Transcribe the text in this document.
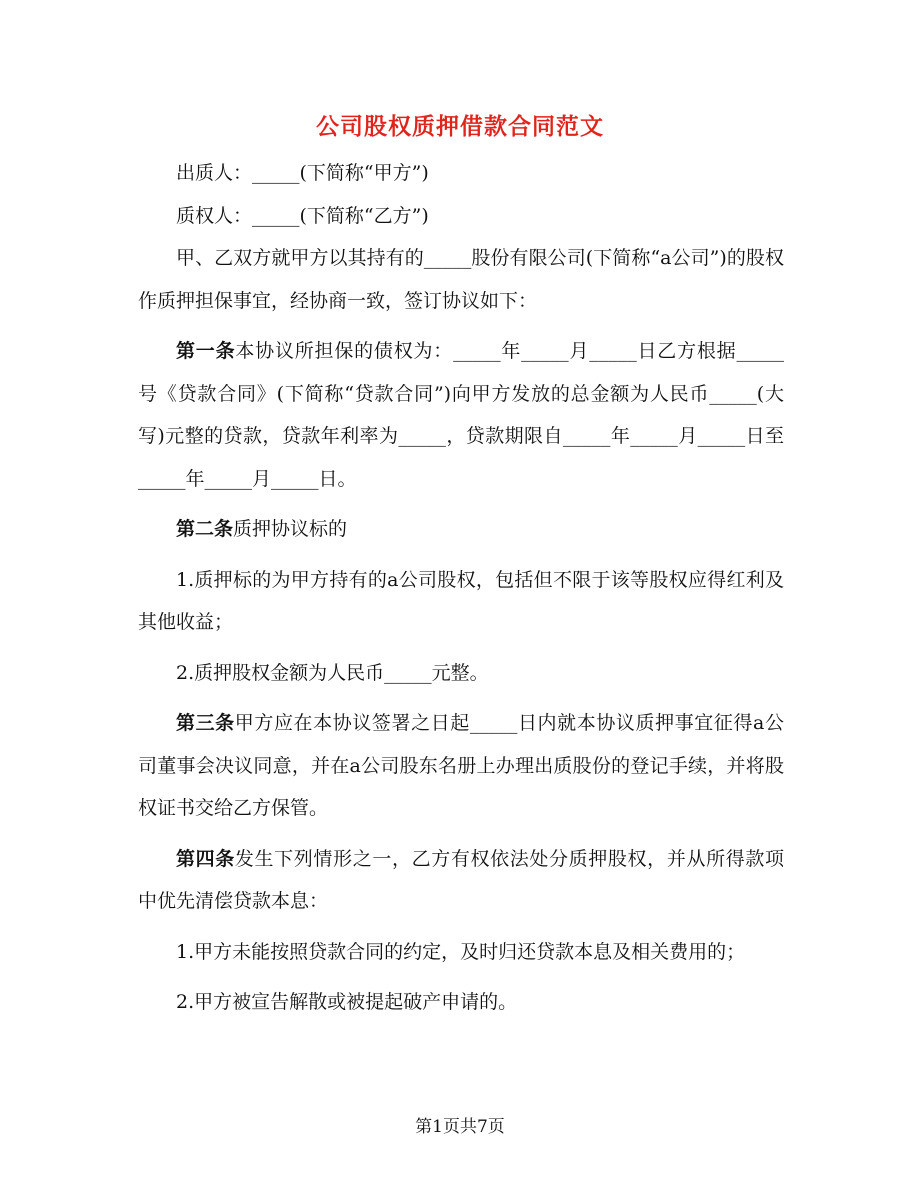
公司股权质押借款合同范文

出质人：_____(下简称“甲方”)

质权人：_____(下简称“乙方”)

甲、乙双方就甲方以其持有的_____股份有限公司(下简称“a公司”)的股权作质押担保事宜，经协商一致，签订协议如下：

第一条本协议所担保的债权为：_____年_____月_____日乙方根据_____号《贷款合同》(下简称“贷款合同”)向甲方发放的总金额为人民币_____(大写)元整的贷款，贷款年利率为_____，贷款期限自_____年_____月_____日至_____年_____月_____日。

第二条质押协议标的

1.质押标的为甲方持有的a公司股权，包括但不限于该等股权应得红利及其他收益；

2.质押股权金额为人民币_____元整。

第三条甲方应在本协议签署之日起_____日内就本协议质押事宜征得a公司董事会决议同意，并在a公司股东名册上办理出质股份的登记手续，并将股权证书交给乙方保管。

第四条发生下列情形之一，乙方有权依法处分质押股权，并从所得款项中优先清偿贷款本息：

1.甲方未能按照贷款合同的约定，及时归还贷款本息及相关费用的；

2.甲方被宣告解散或被提起破产申请的。

第1页共7页
